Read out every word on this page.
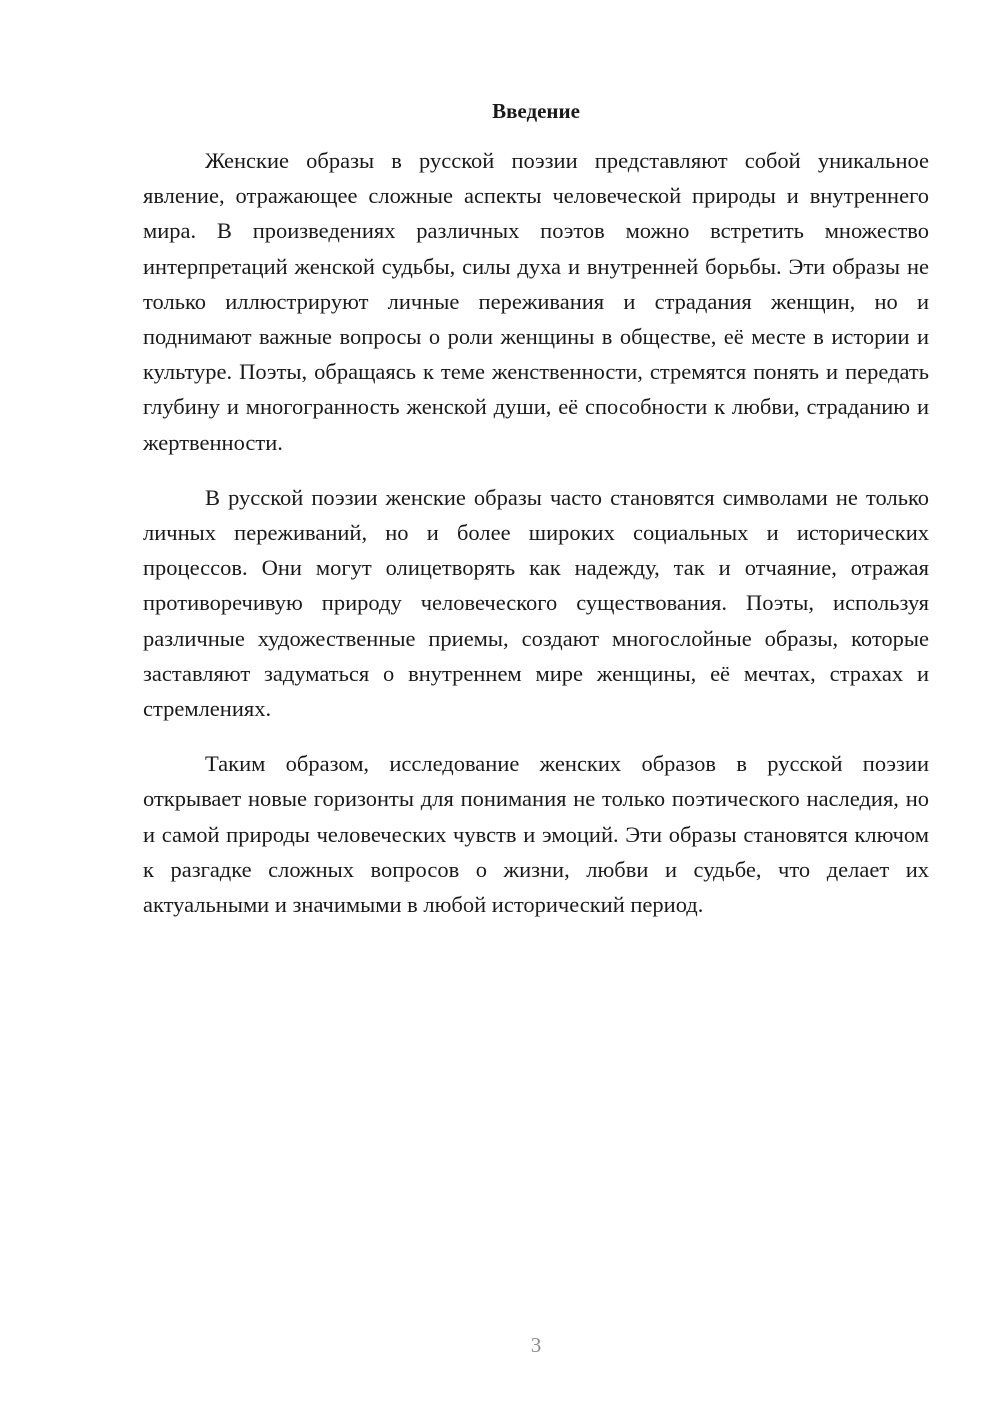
Введение

Женские образы в русской поэзии представляют собой уникальное явление, отражающее сложные аспекты человеческой природы и внутреннего мира. В произведениях различных поэтов можно встретить множество интерпретаций женской судьбы, силы духа и внутренней борьбы. Эти образы не только иллюстрируют личные переживания и страдания женщин, но и поднимают важные вопросы о роли женщины в обществе, её месте в истории и культуре. Поэты, обращаясь к теме женственности, стремятся понять и передать глубину и многогранность женской души, её способности к любви, страданию и жертвенности.

В русской поэзии женские образы часто становятся символами не только личных переживаний, но и более широких социальных и исторических процессов. Они могут олицетворять как надежду, так и отчаяние, отражая противоречивую природу человеческого существования. Поэты, используя различные художественные приемы, создают многослойные образы, которые заставляют задуматься о внутреннем мире женщины, её мечтах, страхах и стремлениях.

Таким образом, исследование женских образов в русской поэзии открывает новые горизонты для понимания не только поэтического наследия, но и самой природы человеческих чувств и эмоций. Эти образы становятся ключом к разгадке сложных вопросов о жизни, любви и судьбе, что делает их актуальными и значимыми в любой исторический период.

3
